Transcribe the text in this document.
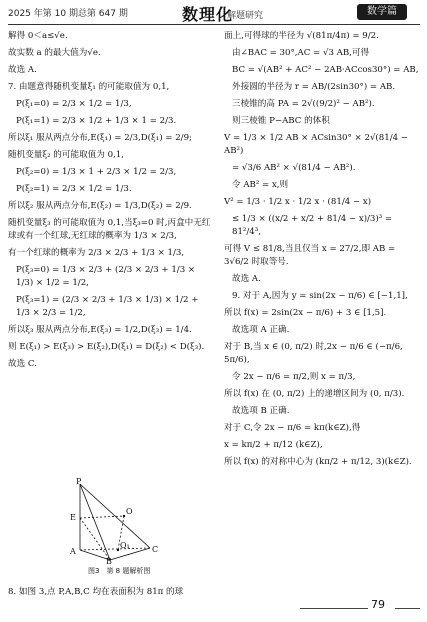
2025 年第 10 期总第 647 期	数理化
解题研究	数学篇

解得 0＜a≤√e.

故实数 a 的最大值为√e.

故选 A.

7. 由题意得随机变量ξ₁ 的可能取值为 0,1,

P(ξ₁=0) = 2/3 × 1/2 = 1/3,

P(ξ₁=1) = 2/3 × 1/2 + 1/3 × 1 = 2/3.

所以ξ₁ 服从两点分布,E(ξ₁) = 2/3,D(ξ₁) = 2/9;

随机变量ξ₂ 的可能取值为 0,1,

P(ξ₂=0) = 1/3 × 1 + 2/3 × 1/2 = 2/3,

P(ξ₂=1) = 2/3 × 1/2 = 1/3.

所以ξ₂ 服从两点分布,E(ξ₂) = 1/3,D(ξ₂) = 2/9.

随机变量ξ₃ 的可能取值为 0,1,当ξ₃=0 时,丙盒中无红球或有一个红球,无红球的概率为 1/3 × 2/3,

有一个红球的概率为 2/3 × 2/3 + 1/3 × 1/3,

P(ξ₃=0) = 1/3 × 2/3 + (2/3 × 2/3 + 1/3 × 1/3) × 1/2 = 1/2,

P(ξ₃=1) = (2/3 × 2/3 + 1/3 × 1/3) × 1/2 + 1/3 × 2/3 = 1/2,

所以ξ₃ 服从两点分布,E(ξ₃) = 1/2,D(ξ₃) = 1/4.

则 E(ξ₁) > E(ξ₃) > E(ξ₂),D(ξ₁) = D(ξ₂) < D(ξ₃).

故选 C.

P
E
O
O₁
A
B
C
图3　第 8 题解析图

8. 如图 3,点 P,A,B,C 均在表面积为 81π 的球

面上,可得球的半径为 √(81π/4π) = 9/2.

由∠BAC = 30°,AC = √3 AB,可得

BC = √(AB² + AC² − 2AB·ACcos30°) = AB,

外接圆的半径为 r = AB/(2sin30°) = AB.

三棱锥的高 PA = 2√((9/2)² − AB²).

则三棱锥 P−ABC 的体积

V = 1/3 × 1/2 AB × ACsin30° × 2√(81/4 − AB²)

= √3/6 AB² × √(81/4 − AB²).

令 AB² = x,则

V² = 1/3 · 1/2 x · 1/2 x · (81/4 − x)

≤ 1/3 × ((x/2 + x/2 + 81/4 − x)/3)³ = 81²/4³,

可得 V ≤ 81/8,当且仅当 x = 27/2,即 AB = 3√6/2 时取等号.

故选 A.

9. 对于 A,因为 y = sin(2x − π/6) ∈ [−1,1],

所以 f(x) = 2sin(2x − π/6) + 3 ∈ [1,5].

故选项 A 正确.

对于 B,当 x ∈ (0, π/2) 时,2x − π/6 ∈ (−π/6, 5π/6),

令 2x − π/6 = π/2,则 x = π/3,

所以 f(x) 在 (0, π/2) 上的递增区间为 (0, π/3).

故选项 B 正确.

对于 C,令 2x − π/6 = kπ(k∈Z),得

x = kπ/2 + π/12 (k∈Z),

所以 f(x) 的对称中心为 (kπ/2 + π/12, 3)(k∈Z).

79
